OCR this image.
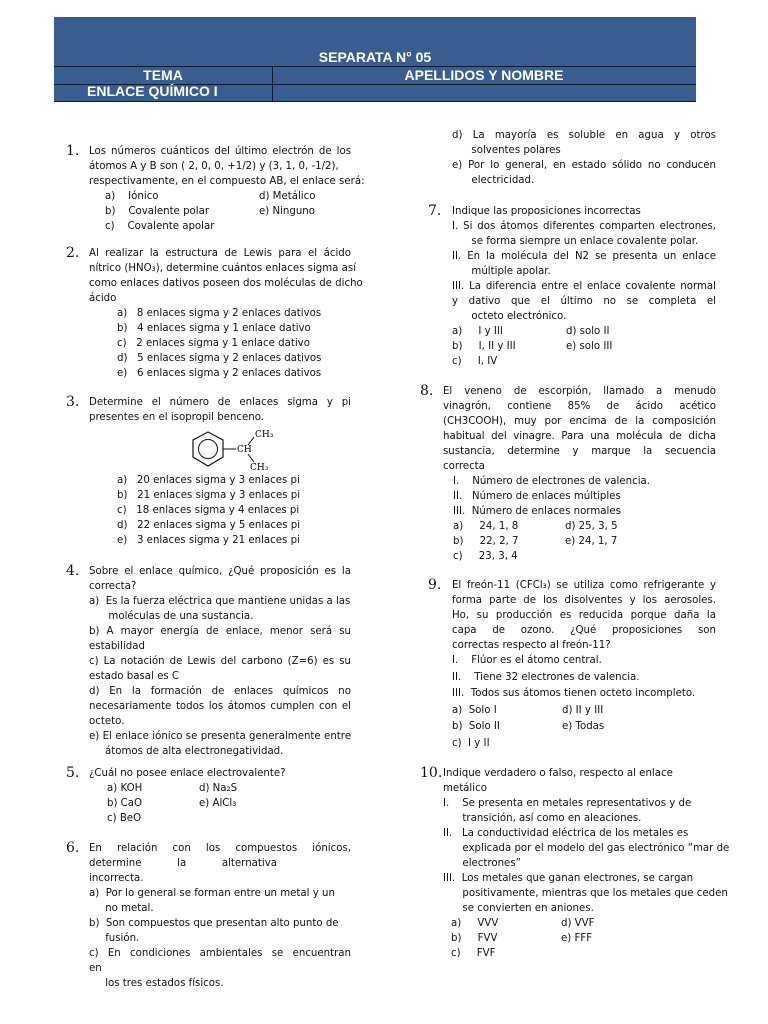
SEPARATA N° 05
TEMA	APELLIDOS Y NOMBRE
ENLACE QUÍMICO I
1. Los números cuánticos del último electrón de los
átomos A y B son ( 2, 0, 0, +1/2) y (3, 1, 0, -1/2),
respectivamente, en el compuesto AB, el enlace será:
a)    Iónico	d) Metálico
b)    Covalente polar	e) Ninguno
c)    Covalente apolar
2. Al realizar la estructura de Lewis para el ácido
nítrico (HNO₃), determine cuántos enlaces sigma así
como enlaces dativos poseen dos moléculas de dicho
ácido
a)   8 enlaces sigma y 2 enlaces dativos
b)   4 enlaces sigma y 1 enlace dativo
c)   2 enlaces sigma y 1 enlace dativo
d)   5 enlaces sigma y 2 enlaces dativos
e)   6 enlaces sigma y 2 enlaces dativos
3. Determine el número de enlaces sigma y pi
presentes en el isopropil benceno.
CH₃
CH
CH₃
a)   20 enlaces sigma y 3 enlaces pi
b)   21 enlaces sigma y 3 enlaces pi
c)   18 enlaces sigma y 4 enlaces pi
d)   22 enlaces sigma y 5 enlaces pi
e)   3 enlaces sigma y 21 enlaces pi
4. Sobre el enlace químico, ¿Qué proposición es la
correcta?
a)  Es la fuerza eléctrica que mantiene unidas a las
moléculas de una sustancia.
b) A mayor energía de enlace, menor será su
estabilidad
c) La notación de Lewis del carbono (Z=6) es su
estado basal es C
d) En la formación de enlaces químicos no
necesariamente todos los átomos cumplen con el
octeto.
e) El enlace iónico se presenta generalmente entre
átomos de alta electronegatividad.
5. ¿Cuál no posee enlace electrovalente?
a) KOH	d) Na₂S
b) CaO	e) AlCl₃
c) BeO
6. En relación con los compuestos iónicos,
determine la alternativa
incorrecta.
a)  Por lo general se forman entre un metal y un
no metal.
b)  Son compuestos que presentan alto punto de
fusión.
c) En condiciones ambientales se encuentran
en
los tres estados físicos.
d) La mayoría es soluble en agua y otros
solventes polares
e) Por lo general, en estado sólido no conducen
electricidad.
7. Indique las proposiciones incorrectas
I. Si dos átomos diferentes comparten electrones,
se forma siempre un enlace covalente polar.
II. En la molécula del N2 se presenta un enlace
múltiple apolar.
III. La diferencia entre el enlace covalente normal
y dativo que el último no se completa el
octeto electrónico.
a)     I y III	d) solo II
b)     I, II y III	e) solo III
c)     I, IV
8. El veneno de escorpión, llamado a menudo
vinagrón, contiene 85% de ácido acético
(CH3COOH), muy por encima de la composición
habitual del vinagre. Para una molécula de dicha
sustancia, determine y marque la secuencia
correcta
I.    Número de electrones de valencia.
II.   Número de enlaces múltiples
III.  Número de enlaces normales
a)     24, 1, 8	d) 25, 3, 5
b)     22, 2, 7	e) 24, 1, 7
c)     23, 3, 4
9. El freón-11 (CFCl₃) se utiliza como refrigerante y
forma parte de los disolventes y los aerosoles.
Ho, su producción es reducida porque daña la
capa de ozono. ¿Qué proposiciones son
correctas respecto al freón-11?
I.    Flúor es el átomo central.
II.    Tiene 32 electrones de valencia.
III.  Todos sus átomos tienen octeto incompleto.
a)  Solo I	d) II y III
b)  Solo II	e) Todas
c)  I y II
10. Indique verdadero o falso, respecto al enlace
metálico
I.    Se presenta en metales representativos y de
transición, así como en aleaciones.
II.   La conductividad eléctrica de los metales es
explicada por el modelo del gas electrónico “mar de
electrones”
III.  Los metales que ganan electrones, se cargan
positivamente, mientras que los metales que ceden
se convierten en aniones.
a)     VVV	d) VVF
b)     FVV	e) FFF
c)     FVF
